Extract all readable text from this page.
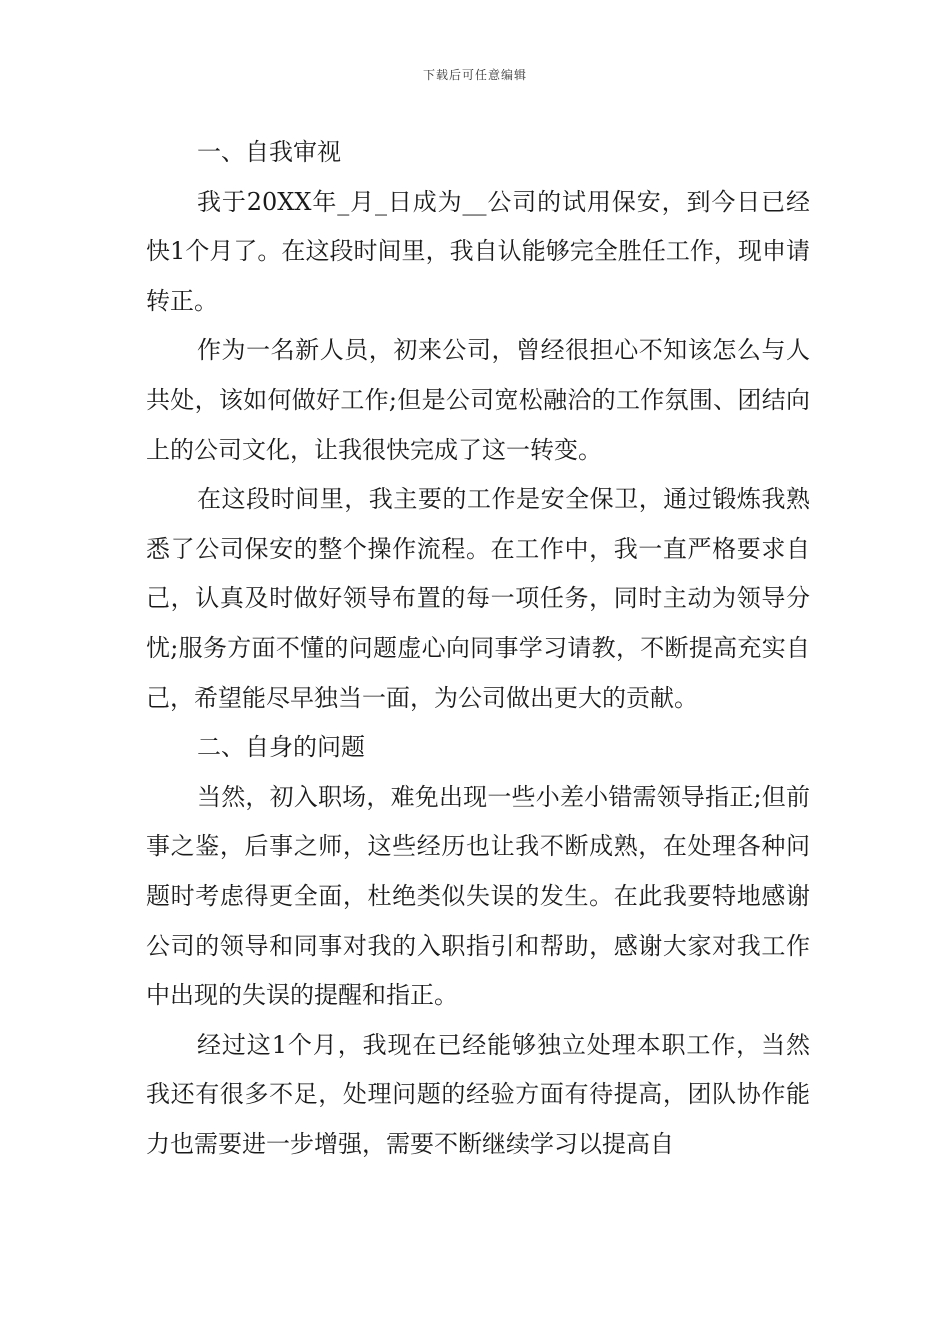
下载后可任意编辑

一、自我审视

我于20XX年_月_日成为__公司的试用保安，到今日已经快1个月了。在这段时间里，我自认能够完全胜任工作，现申请转正。

作为一名新人员，初来公司，曾经很担心不知该怎么与人共处，该如何做好工作;但是公司宽松融洽的工作氛围、团结向上的公司文化，让我很快完成了这一转变。

在这段时间里，我主要的工作是安全保卫，通过锻炼我熟悉了公司保安的整个操作流程。在工作中，我一直严格要求自己，认真及时做好领导布置的每一项任务，同时主动为领导分忧;服务方面不懂的问题虚心向同事学习请教，不断提高充实自己，希望能尽早独当一面，为公司做出更大的贡献。

二、自身的问题

当然，初入职场，难免出现一些小差小错需领导指正;但前事之鉴，后事之师，这些经历也让我不断成熟，在处理各种问题时考虑得更全面，杜绝类似失误的发生。在此我要特地感谢公司的领导和同事对我的入职指引和帮助，感谢大家对我工作中出现的失误的提醒和指正。

经过这1个月，我现在已经能够独立处理本职工作，当然我还有很多不足，处理问题的经验方面有待提高，团队协作能力也需要进一步增强，需要不断继续学习以提高自
